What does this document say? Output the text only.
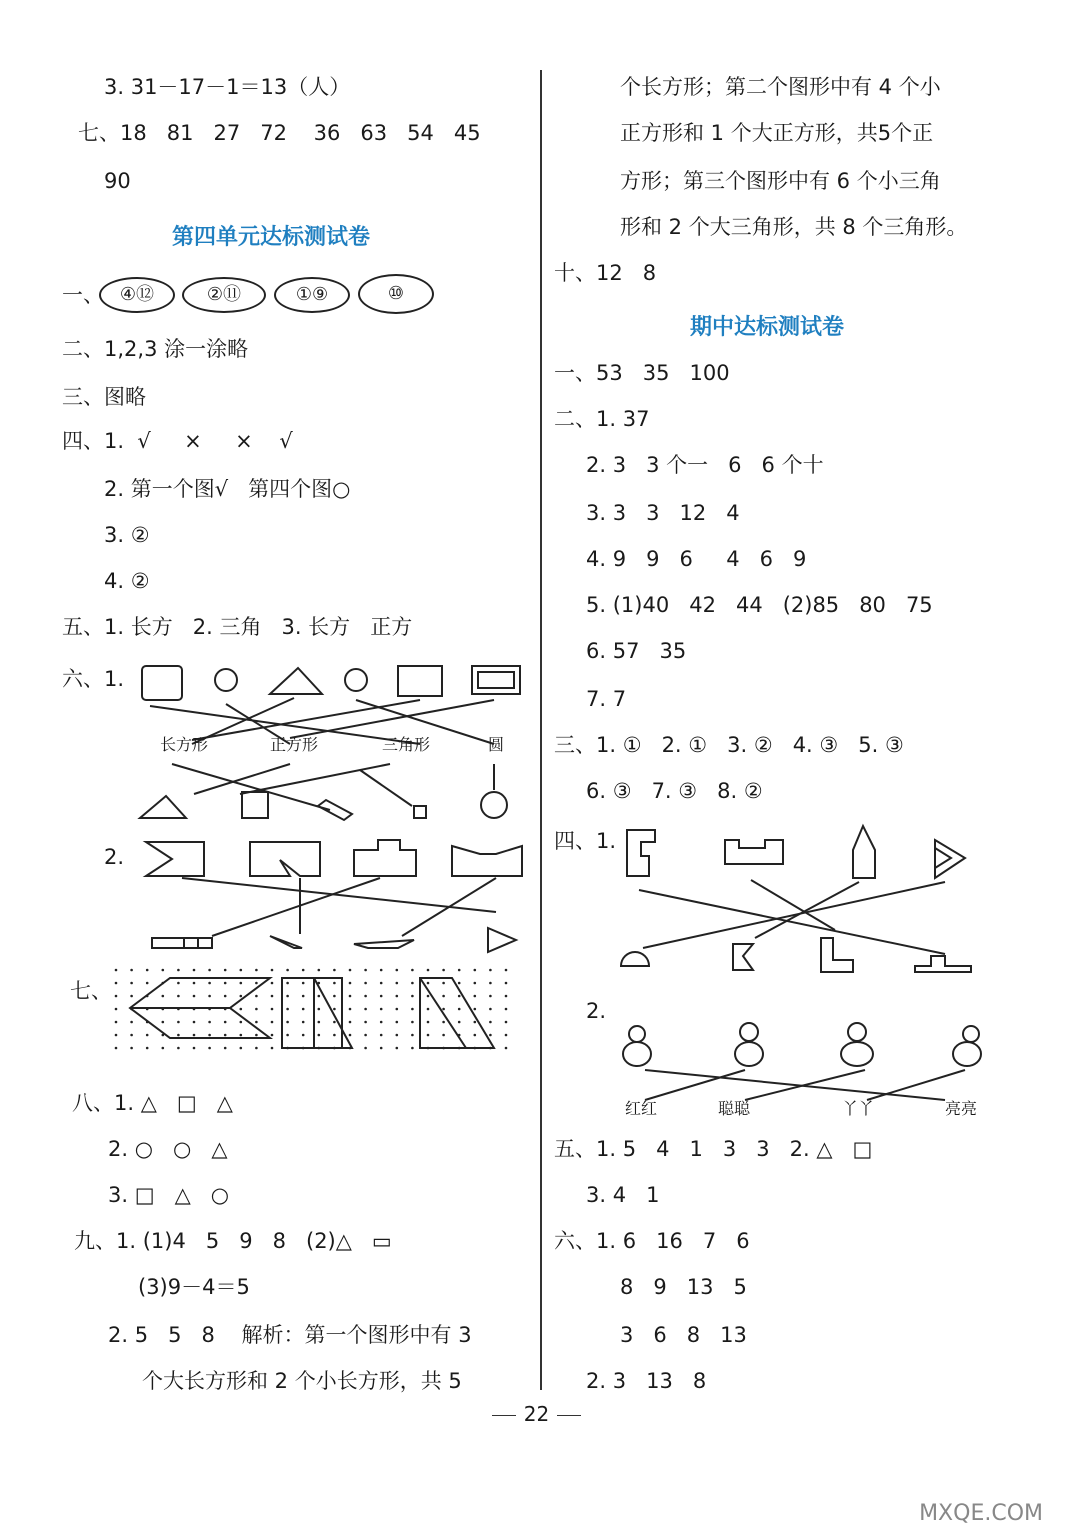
3. 31－17－1＝13（人）
七、18   81   27   72    36   63   54   45
90
第四单元达标测试卷
一、 ④⑫	②⑪	①⑨	⑩
二、1,2,3 涂一涂略
三、图略
四、1.  √     ×     ×    √
2. 第一个图√   第四个图○
3. ②
4. ②
五、1. 长方   2. 三角   3. 长方   正方
六、1.
长方形	正方形	三角形	圆
2.
七、
八、1. △   □   △
2. ○   ○   △
3. □   △   ○
九、1. (1)4   5   9   8   (2)△   ▭
(3)9－4＝5
2. 5   5   8    解析：第一个图形中有 3
个大长方形和 2 个小长方形，共 5
个长方形；第二个图形中有 4 个小
正方形和 1 个大正方形，共5个正
方形；第三个图形中有 6 个小三角
形和 2 个大三角形，共 8 个三角形。
十、12   8
期中达标测试卷
一、53   35   100
二、1. 37
2. 3   3 个一   6   6 个十
3. 3   3   12   4
4. 9   9   6     4   6   9
5. (1)40   42   44   (2)85   80   75
6. 57   35
7. 7
三、1. ①   2. ①   3. ②   4. ③   5. ③
6. ③   7. ③   8. ②
四、1.
2.
红红	聪聪	丫丫	亮亮
五、1. 5   4   1   3   3   2. △   □
3. 4   1
六、1. 6   16   7   6
8   9   13   5
3   6   8   13
2. 3   13   8
22
MXQE.COM
